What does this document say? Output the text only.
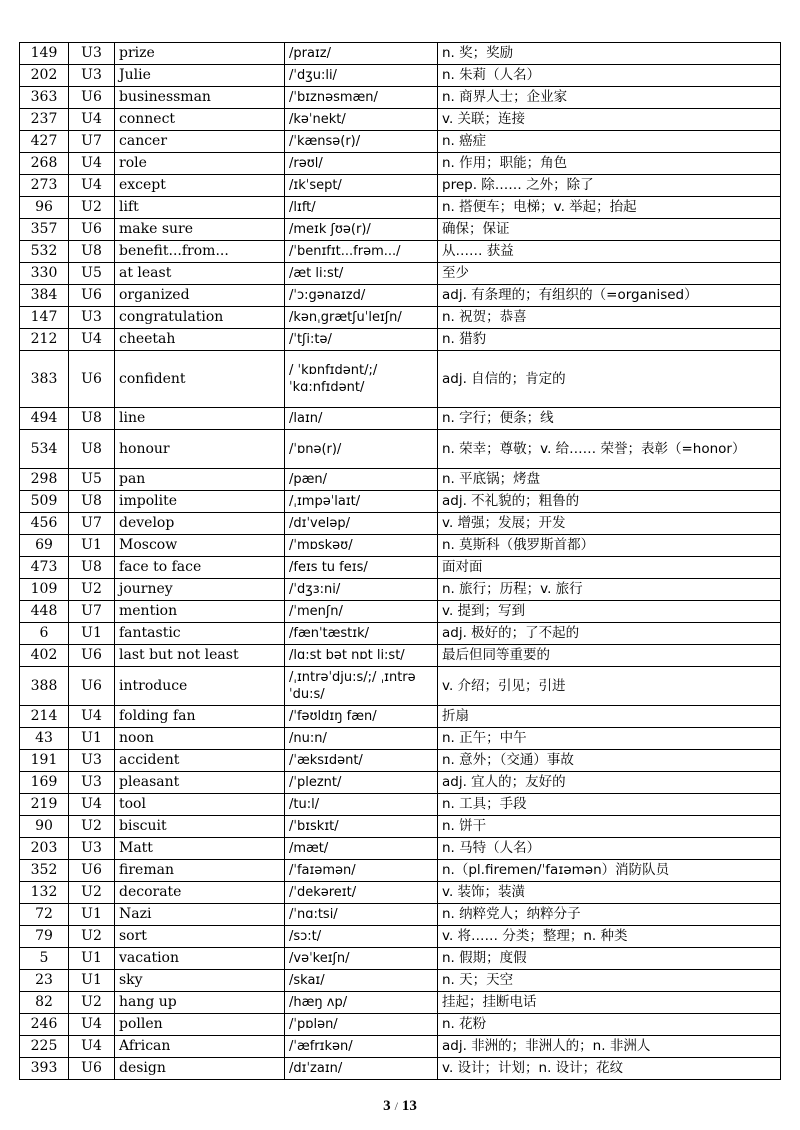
149	U3	prize	/praɪz/	n. 奖；奖励
202	U3	Julie	/ˈdʒu:li/	n. 朱莉（人名）
363	U6	businessman	/ˈbɪznəsmæn/	n. 商界人士；企业家
237	U4	connect	/kəˈnekt/	v. 关联；连接
427	U7	cancer	/ˈkænsə(r)/	n. 癌症
268	U4	role	/rəʊl/	n. 作用；职能；角色
273	U4	except	/ɪkˈsept/	prep. 除…… 之外；除了
96	U2	lift	/lɪft/	n. 搭便车；电梯；v. 举起；抬起
357	U6	make sure	/meɪk ʃʊə(r)/	确保；保证
532	U8	benefit...from...	/ˈbenɪfɪt...frəm.../	从…… 获益
330	U5	at least	/æt li:st/	至少
384	U6	organized	/ˈɔ:gənaɪzd/	adj. 有条理的；有组织的（=organised）
147	U3	congratulation	/kənˌgrætʃuˈleɪʃn/	n. 祝贺；恭喜
212	U4	cheetah	/ˈtʃi:tə/	n. 猎豹
383	U6	confident	/ ˈkɒnfɪdənt/;/ ˈkɑ:nfɪdənt/	adj. 自信的；肯定的
494	U8	line	/laɪn/	n. 字行；便条；线
534	U8	honour	/ˈɒnə(r)/	n. 荣幸；尊敬；v. 给…… 荣誉；表彰（=honor）
298	U5	pan	/pæn/	n. 平底锅；烤盘
509	U8	impolite	/ˌɪmpəˈlaɪt/	adj. 不礼貌的；粗鲁的
456	U7	develop	/dɪˈveləp/	v. 增强；发展；开发
69	U1	Moscow	/ˈmɒskəʊ/	n. 莫斯科（俄罗斯首都）
473	U8	face to face	/feɪs tu feɪs/	面对面
109	U2	journey	/ˈdʒɜ:ni/	n. 旅行；历程；v. 旅行
448	U7	mention	/ˈmenʃn/	v. 提到；写到
6	U1	fantastic	/fænˈtæstɪk/	adj. 极好的；了不起的
402	U6	last but not least	/lɑ:st bət nɒt li:st/	最后但同等重要的
388	U6	introduce	/ˌɪntrəˈdju:s/;/ ˌɪntrəˈdu:s/	v. 介绍；引见；引进
214	U4	folding fan	/ˈfəʊldɪŋ fæn/	折扇
43	U1	noon	/nu:n/	n. 正午；中午
191	U3	accident	/ˈæksɪdənt/	n. 意外；（交通）事故
169	U3	pleasant	/ˈpleznt/	adj. 宜人的；友好的
219	U4	tool	/tu:l/	n. 工具；手段
90	U2	biscuit	/ˈbɪskɪt/	n. 饼干
203	U3	Matt	/mæt/	n. 马特（人名）
352	U6	fireman	/ˈfaɪəmən/	n.（pl.firemen/ˈfaɪəmən）消防队员
132	U2	decorate	/ˈdekəreɪt/	v. 装饰；装潢
72	U1	Nazi	/ˈnɑ:tsi/	n. 纳粹党人；纳粹分子
79	U2	sort	/sɔ:t/	v. 将…… 分类；整理；n. 种类
5	U1	vacation	/vəˈkeɪʃn/	n. 假期；度假
23	U1	sky	/skaɪ/	n. 天；天空
82	U2	hang up	/hæŋ ʌp/	挂起；挂断电话
246	U4	pollen	/ˈpɒlən/	n. 花粉
225	U4	African	/ˈæfrɪkən/	adj. 非洲的；非洲人的；n. 非洲人
393	U6	design	/dɪˈzaɪn/	v. 设计；计划；n. 设计；花纹
3 / 13
